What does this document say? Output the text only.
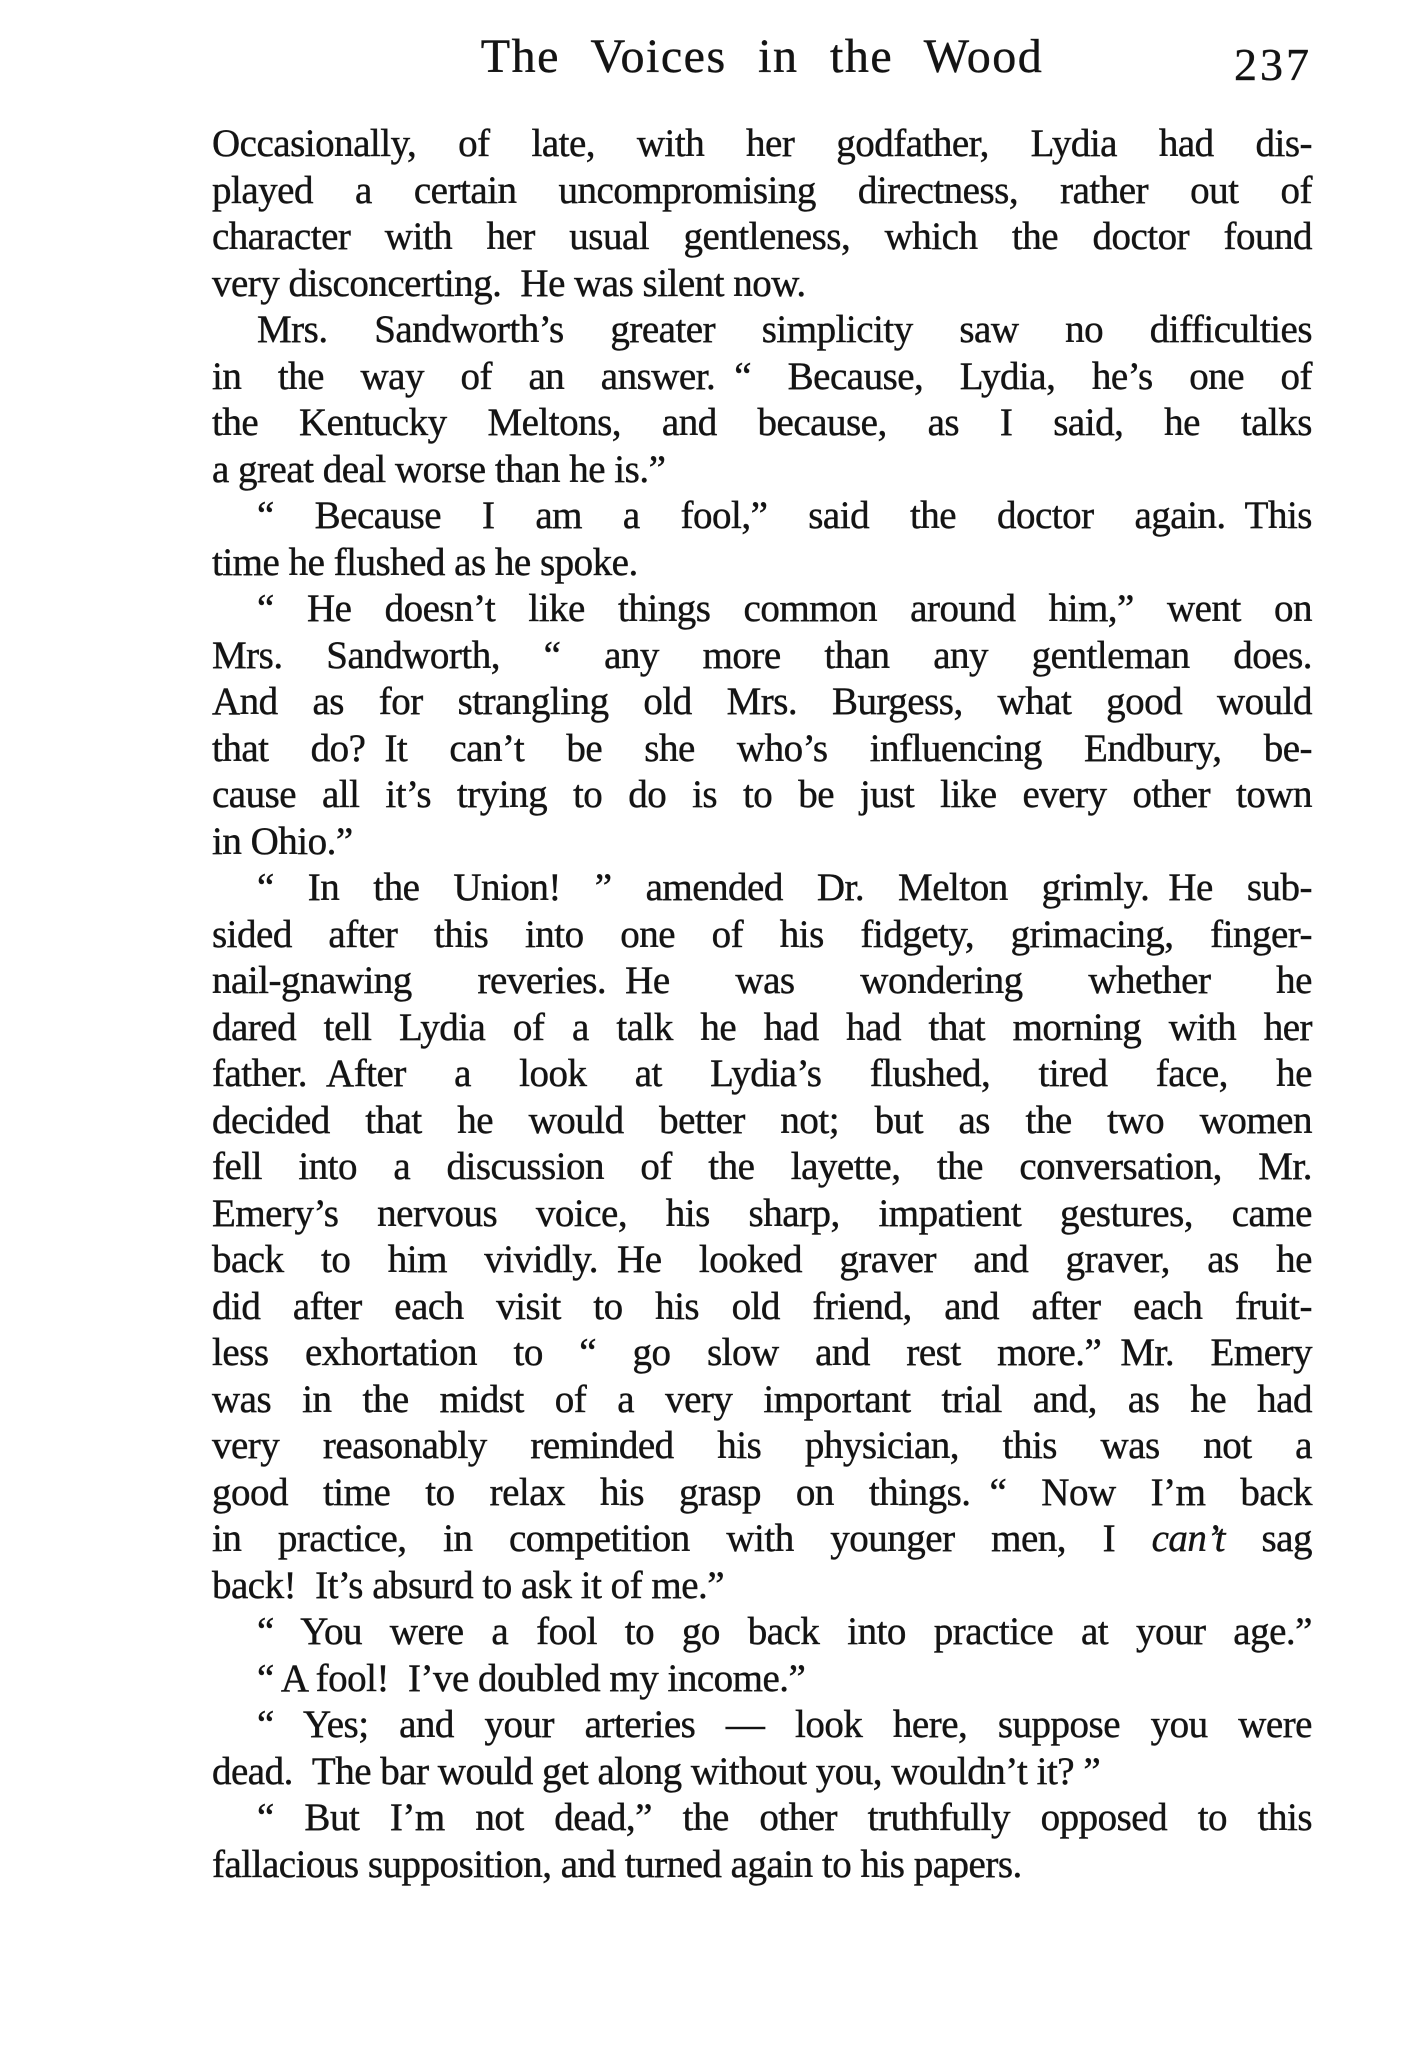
The Voices in the Wood	237
Occasionally, of late, with her godfather, Lydia had dis-
played a certain uncompromising directness, rather out of
character with her usual gentleness, which the doctor found
very disconcerting. He was silent now.
Mrs. Sandworth’s greater simplicity saw no difficulties
in the way of an answer. “ Because, Lydia, he’s one of
the Kentucky Meltons, and because, as I said, he talks
a great deal worse than he is.”
“ Because I am a fool,” said the doctor again. This
time he flushed as he spoke.
“ He doesn’t like things common around him,” went on
Mrs. Sandworth, “ any more than any gentleman does.
And as for strangling old Mrs. Burgess, what good would
that do? It can’t be she who’s influencing Endbury, be-
cause all it’s trying to do is to be just like every other town
in Ohio.”
“ In the Union! ” amended Dr. Melton grimly. He sub-
sided after this into one of his fidgety, grimacing, finger-
nail-gnawing reveries. He was wondering whether he
dared tell Lydia of a talk he had had that morning with her
father. After a look at Lydia’s flushed, tired face, he
decided that he would better not; but as the two women
fell into a discussion of the layette, the conversation, Mr.
Emery’s nervous voice, his sharp, impatient gestures, came
back to him vividly. He looked graver and graver, as he
did after each visit to his old friend, and after each fruit-
less exhortation to “ go slow and rest more.” Mr. Emery
was in the midst of a very important trial and, as he had
very reasonably reminded his physician, this was not a
good time to relax his grasp on things. “ Now I’m back
in practice, in competition with younger men, I can’t sag
back! It’s absurd to ask it of me.”
“ You were a fool to go back into practice at your age.”
“ A fool! I’ve doubled my income.”
“ Yes; and your arteries — look here, suppose you were
dead. The bar would get along without you, wouldn’t it? ”
“ But I’m not dead,” the other truthfully opposed to this
fallacious supposition, and turned again to his papers.
